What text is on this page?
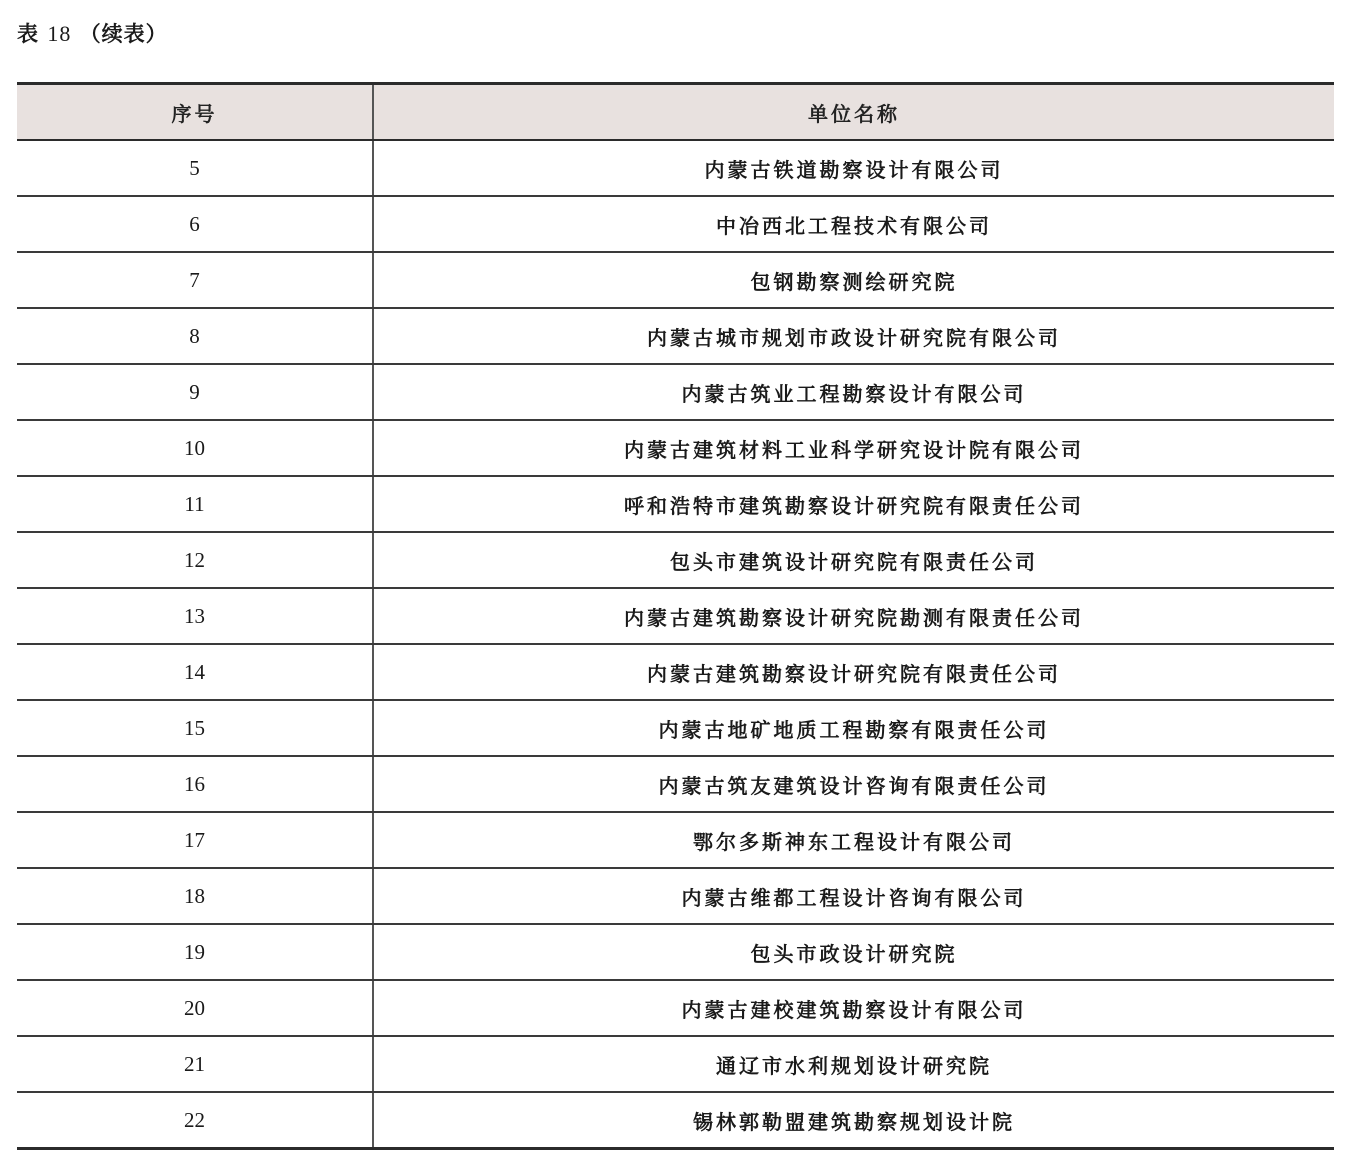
表 18 （续表）
序号	单位名称
5	内蒙古铁道勘察设计有限公司
6	中冶西北工程技术有限公司
7	包钢勘察测绘研究院
8	内蒙古城市规划市政设计研究院有限公司
9	内蒙古筑业工程勘察设计有限公司
10	内蒙古建筑材料工业科学研究设计院有限公司
11	呼和浩特市建筑勘察设计研究院有限责任公司
12	包头市建筑设计研究院有限责任公司
13	内蒙古建筑勘察设计研究院勘测有限责任公司
14	内蒙古建筑勘察设计研究院有限责任公司
15	内蒙古地矿地质工程勘察有限责任公司
16	内蒙古筑友建筑设计咨询有限责任公司
17	鄂尔多斯神东工程设计有限公司
18	内蒙古维都工程设计咨询有限公司
19	包头市政设计研究院
20	内蒙古建校建筑勘察设计有限公司
21	通辽市水利规划设计研究院
22	锡林郭勒盟建筑勘察规划设计院
